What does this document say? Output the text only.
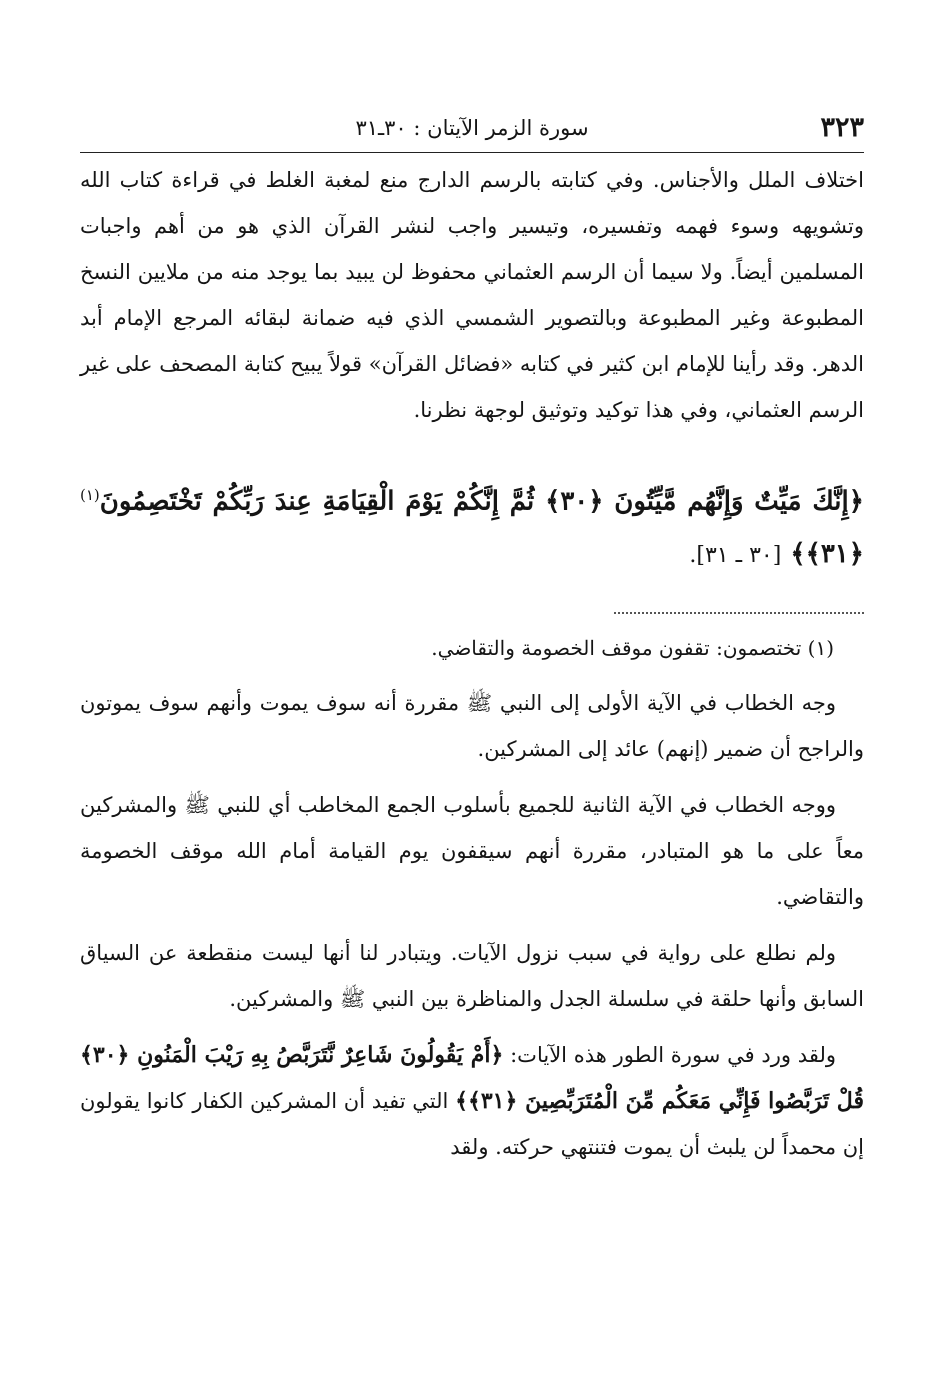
٣٢٣
سورة الزمر الآيتان : ٣٠ـ٣١

اختلاف الملل والأجناس. وفي كتابته بالرسم الدارج منع لمغبة الغلط في قراءة كتاب الله وتشويهه وسوء فهمه وتفسيره، وتيسير واجب لنشر القرآن الذي هو من أهم واجبات المسلمين أيضاً. ولا سيما أن الرسم العثماني محفوظ لن يبيد بما يوجد منه من ملايين النسخ المطبوعة وغير المطبوعة وبالتصوير الشمسي الذي فيه ضمانة لبقائه المرجع الإمام أبد الدهر. وقد رأينا للإمام ابن كثير في كتابه «فضائل القرآن» قولاً يبيح كتابة المصحف على غير الرسم العثماني، وفي هذا توكيد وتوثيق لوجهة نظرنا.

﴿إِنَّكَ مَيِّتٌ وَإِنَّهُم مَّيِّتُونَ ﴿٣٠﴾ ثُمَّ إِنَّكُمْ يَوْمَ الْقِيَامَةِ عِندَ رَبِّكُمْ تَخْتَصِمُونَ$^{(١)}$ ﴿٣١﴾﴾ [٣٠ ـ ٣١].

(١) تختصمون: تقفون موقف الخصومة والتقاضي.

وجه الخطاب في الآية الأولى إلى النبي ﷺ مقررة أنه سوف يموت وأنهم سوف يموتون والراجح أن ضمير (إنهم) عائد إلى المشركين.

ووجه الخطاب في الآية الثانية للجميع بأسلوب الجمع المخاطب أي للنبي ﷺ والمشركين معاً على ما هو المتبادر، مقررة أنهم سيقفون يوم القيامة أمام الله موقف الخصومة والتقاضي.

ولم نطلع على رواية في سبب نزول الآيات. ويتبادر لنا أنها ليست منقطعة عن السياق السابق وأنها حلقة في سلسلة الجدل والمناظرة بين النبي ﷺ والمشركين.

ولقد ورد في سورة الطور هذه الآيات: ﴿أَمْ يَقُولُونَ شَاعِرٌ نَّتَرَبَّصُ بِهِ رَيْبَ الْمَنُونِ ﴿٣٠﴾ قُلْ تَرَبَّصُوا فَإِنِّي مَعَكُم مِّنَ الْمُتَرَبِّصِينَ ﴿٣١﴾﴾ التي تفيد أن المشركين الكفار كانوا يقولون إن محمداً لن يلبث أن يموت فتنتهي حركته. ولقد
